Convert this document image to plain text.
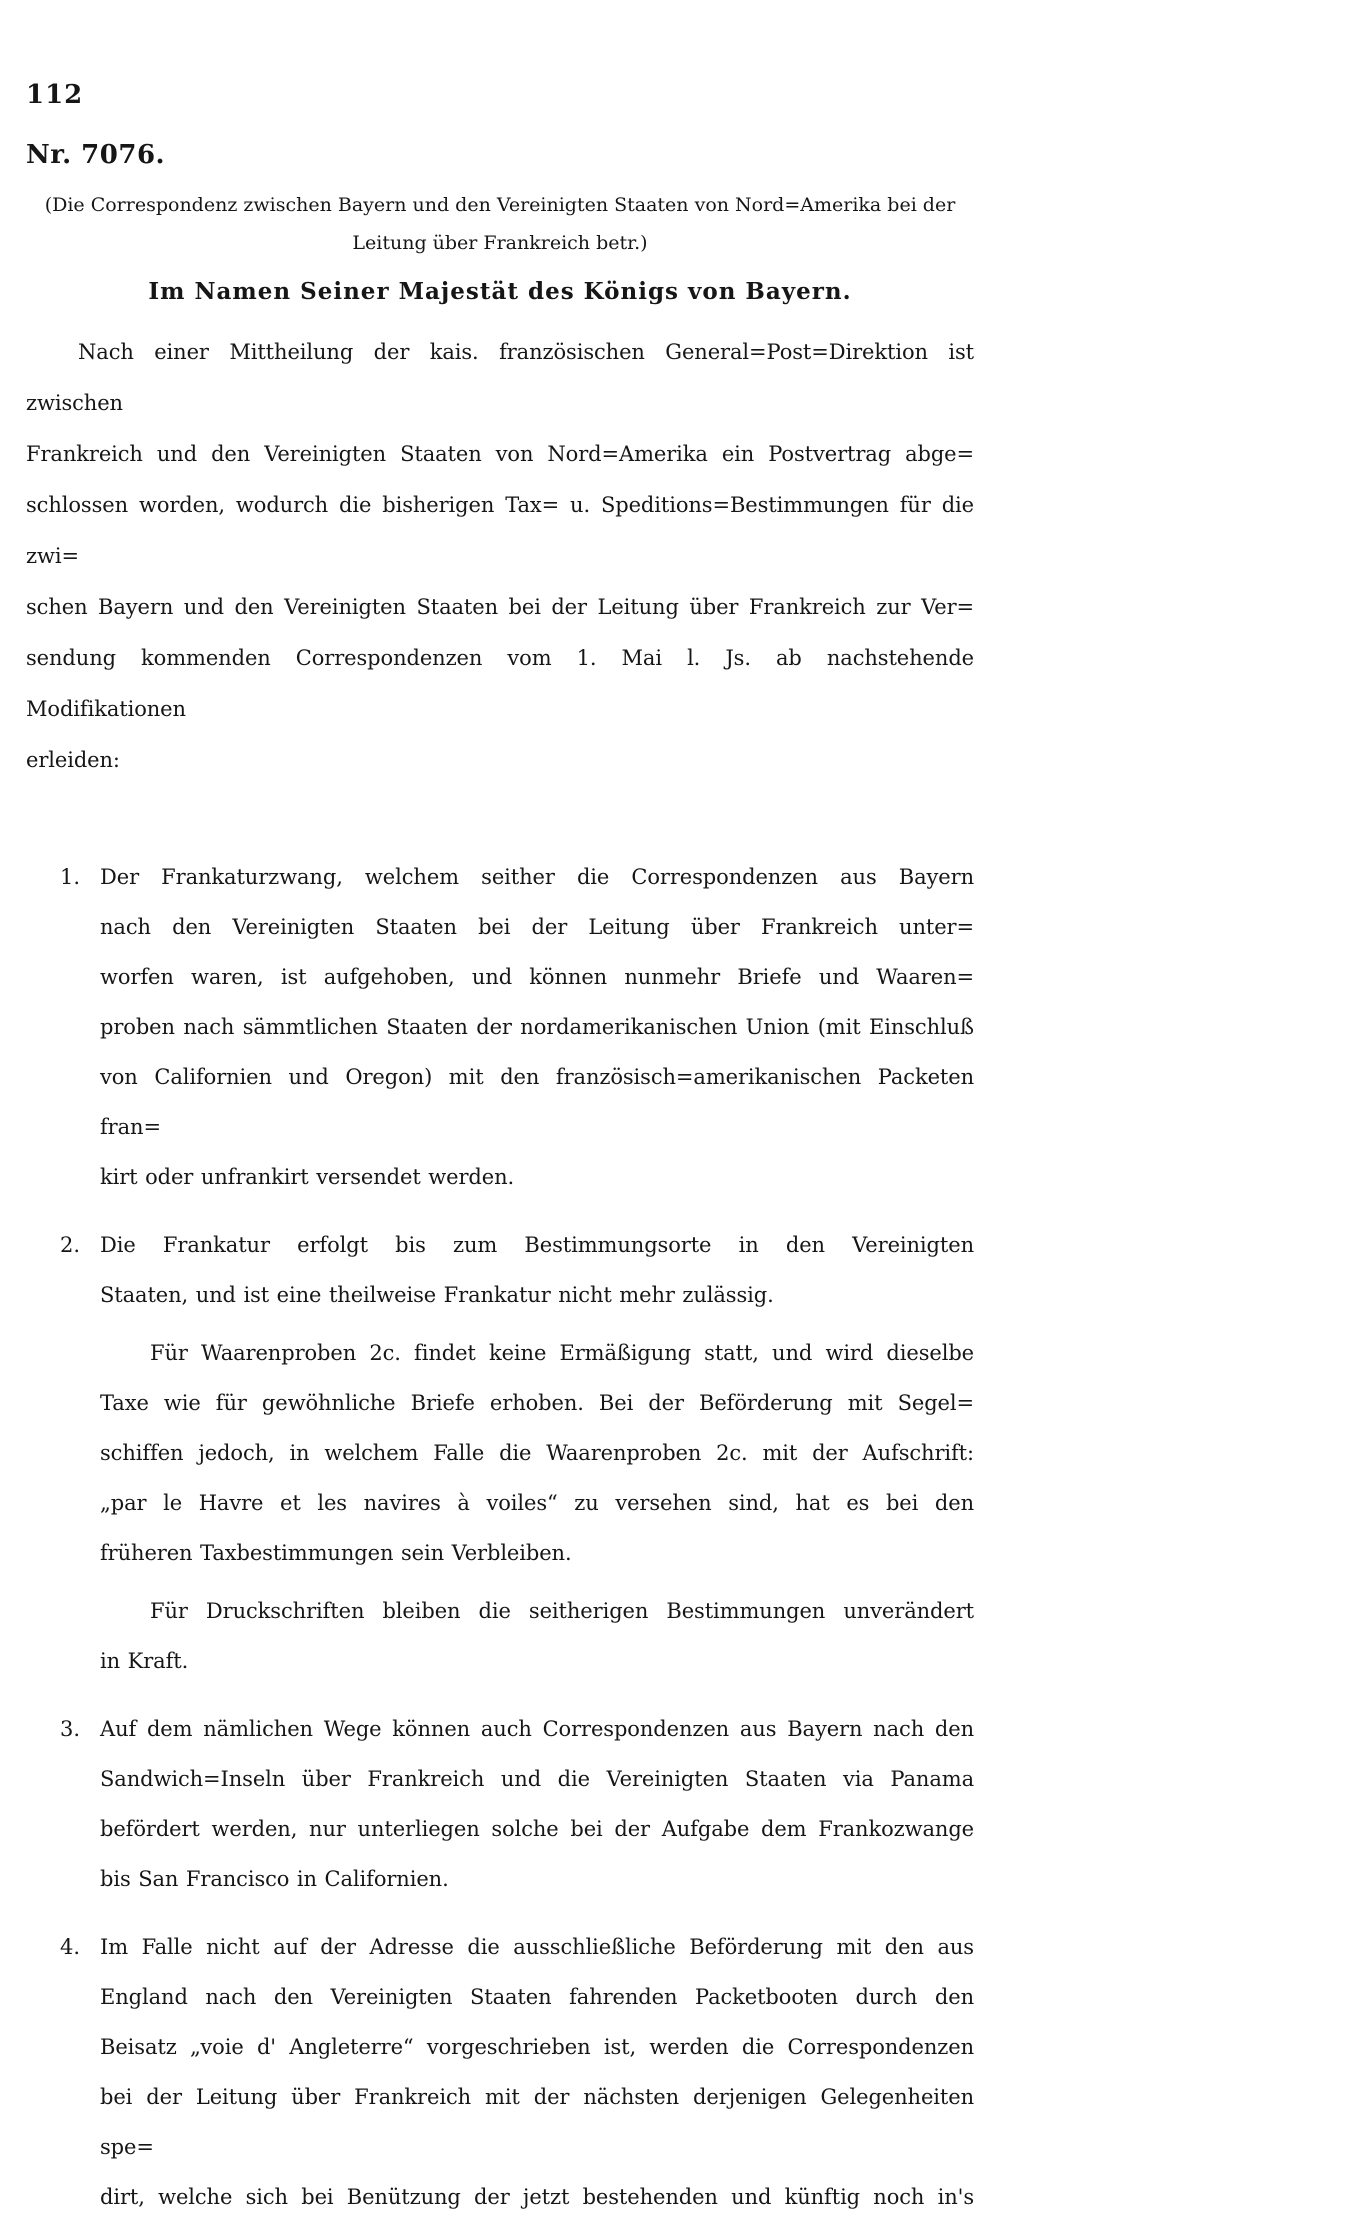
112
Nr. 7076.
(Die Correspondenz zwischen Bayern und den Vereinigten Staaten von Nord=Amerika bei der
Leitung über Frankreich betr.)
Im Namen Seiner Majestät des Königs von Bayern.
Nach einer Mittheilung der kais. französischen General=Post=Direktion ist zwischen
Frankreich und den Vereinigten Staaten von Nord=Amerika ein Postvertrag abge=
schlossen worden, wodurch die bisherigen Tax= u. Speditions=Bestimmungen für die zwi=
schen Bayern und den Vereinigten Staaten bei der Leitung über Frankreich zur Ver=
sendung kommenden Correspondenzen vom 1. Mai l. Js. ab nachstehende Modifikationen
erleiden:
1. Der Frankaturzwang, welchem seither die Correspondenzen aus Bayern
nach den Vereinigten Staaten bei der Leitung über Frankreich unter=
worfen waren, ist aufgehoben, und können nunmehr Briefe und Waaren=
proben nach sämmtlichen Staaten der nordamerikanischen Union (mit Einschluß
von Californien und Oregon) mit den französisch=amerikanischen Packeten fran=
kirt oder unfrankirt versendet werden.
2. Die Frankatur erfolgt bis zum Bestimmungsorte in den Vereinigten
Staaten, und ist eine theilweise Frankatur nicht mehr zulässig.
Für Waarenproben 2c. findet keine Ermäßigung statt, und wird dieselbe
Taxe wie für gewöhnliche Briefe erhoben. Bei der Beförderung mit Segel=
schiffen jedoch, in welchem Falle die Waarenproben 2c. mit der Aufschrift:
„par le Havre et les navires à voiles“ zu versehen sind, hat es bei den
früheren Taxbestimmungen sein Verbleiben.
Für Druckschriften bleiben die seitherigen Bestimmungen unverändert
in Kraft.
3. Auf dem nämlichen Wege können auch Correspondenzen aus Bayern nach den
Sandwich=Inseln über Frankreich und die Vereinigten Staaten via Panama
befördert werden, nur unterliegen solche bei der Aufgabe dem Frankozwange
bis San Francisco in Californien.
4. Im Falle nicht auf der Adresse die ausschließliche Beförderung mit den aus
England nach den Vereinigten Staaten fahrenden Packetbooten durch den
Beisatz „voie d' Angleterre“ vorgeschrieben ist, werden die Correspondenzen
bei der Leitung über Frankreich mit der nächsten derjenigen Gelegenheiten spe=
dirt, welche sich bei Benützung der jetzt bestehenden und künftig noch in's
